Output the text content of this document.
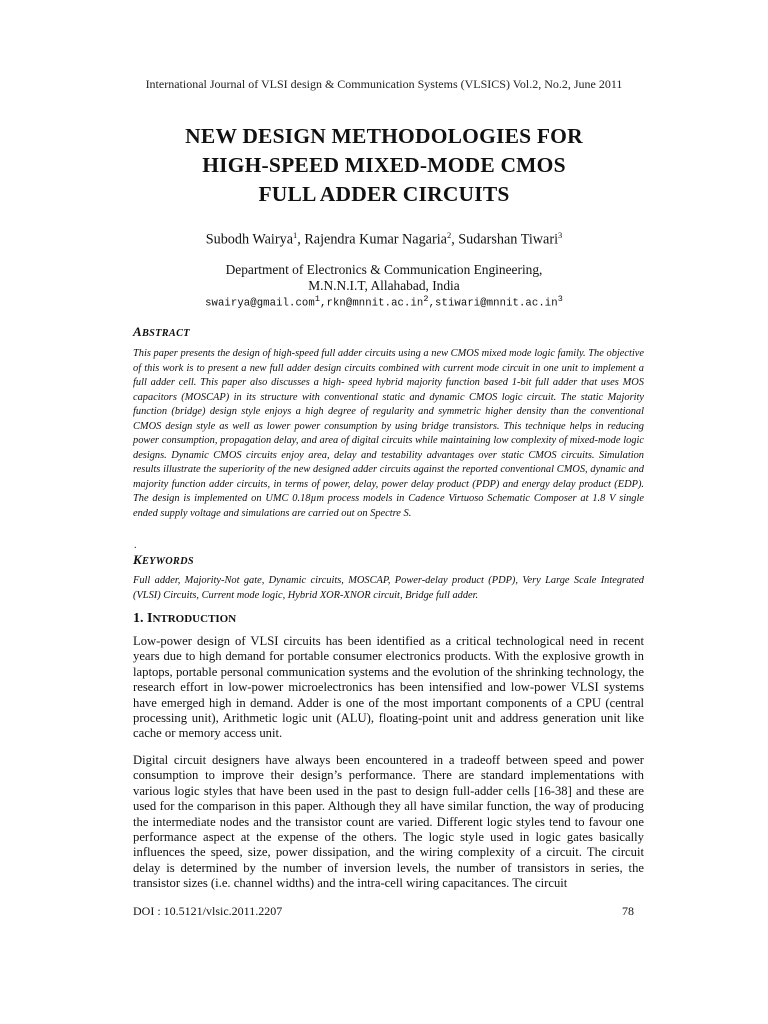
International Journal of VLSI design & Communication Systems (VLSICS) Vol.2, No.2, June 2011
NEW DESIGN METHODOLOGIES FOR
HIGH-SPEED MIXED-MODE CMOS
FULL ADDER CIRCUITS
Subodh Wairya$^1$, Rajendra Kumar Nagaria$^2$, Sudarshan Tiwari$^3$
Department of Electronics & Communication Engineering,
M.N.N.I.T, Allahabad, India
$swairya@gmail.com^1,rkn@mnnit.ac.in^2,stiwari@mnnit.ac.in^3$
ABSTRACT
This paper presents the design of high-speed full adder circuits using a new CMOS mixed mode logic family. The objective of this work is to present a new full adder design circuits combined with current mode circuit in one unit to implement a full adder cell. This paper also discusses a high- speed hybrid majority function based 1-bit full adder that uses MOS capacitors (MOSCAP) in its structure with conventional static and dynamic CMOS logic circuit. The static Majority function (bridge) design style enjoys a high degree of regularity and symmetric higher density than the conventional CMOS design style as well as lower power consumption by using bridge transistors. This technique helps in reducing power consumption, propagation delay, and area of digital circuits while maintaining low complexity of mixed-mode logic designs. Dynamic CMOS circuits enjoy area, delay and testability advantages over static CMOS circuits. Simulation results illustrate the superiority of the new designed adder circuits against the reported conventional CMOS, dynamic and majority function adder circuits, in terms of power, delay, power delay product (PDP) and energy delay product (EDP). The design is implemented on UMC 0.18µm process models in Cadence Virtuoso Schematic Composer at 1.8 V single ended supply voltage and simulations are carried out on Spectre S.
.
KEYWORDS
Full adder, Majority-Not gate, Dynamic circuits, MOSCAP, Power-delay product (PDP), Very Large Scale Integrated (VLSI) Circuits, Current mode logic, Hybrid XOR-XNOR circuit, Bridge full adder.
1. INTRODUCTION
Low-power design of VLSI circuits has been identified as a critical technological need in recent years due to high demand for portable consumer electronics products. With the explosive growth in laptops, portable personal communication systems and the evolution of the shrinking technology, the research effort in low-power microelectronics has been intensified and low-power VLSI systems have emerged high in demand. Adder is one of the most important components of a CPU (central processing unit), Arithmetic logic unit (ALU), floating-point unit and address generation unit like cache or memory access unit.
Digital circuit designers have always been encountered in a tradeoff between speed and power consumption to improve their design’s performance. There are standard implementations with various logic styles that have been used in the past to design full-adder cells [16-38] and these are used for the comparison in this paper. Although they all have similar function, the way of producing the intermediate nodes and the transistor count are varied. Different logic styles tend to favour one performance aspect at the expense of the others. The logic style used in logic gates basically influences the speed, size, power dissipation, and the wiring complexity of a circuit. The circuit delay is determined by the number of inversion levels, the number of transistors in series, the transistor sizes (i.e. channel widths) and the intra-cell wiring capacitances. The circuit
DOI : 10.5121/vlsic.2011.2207	78
